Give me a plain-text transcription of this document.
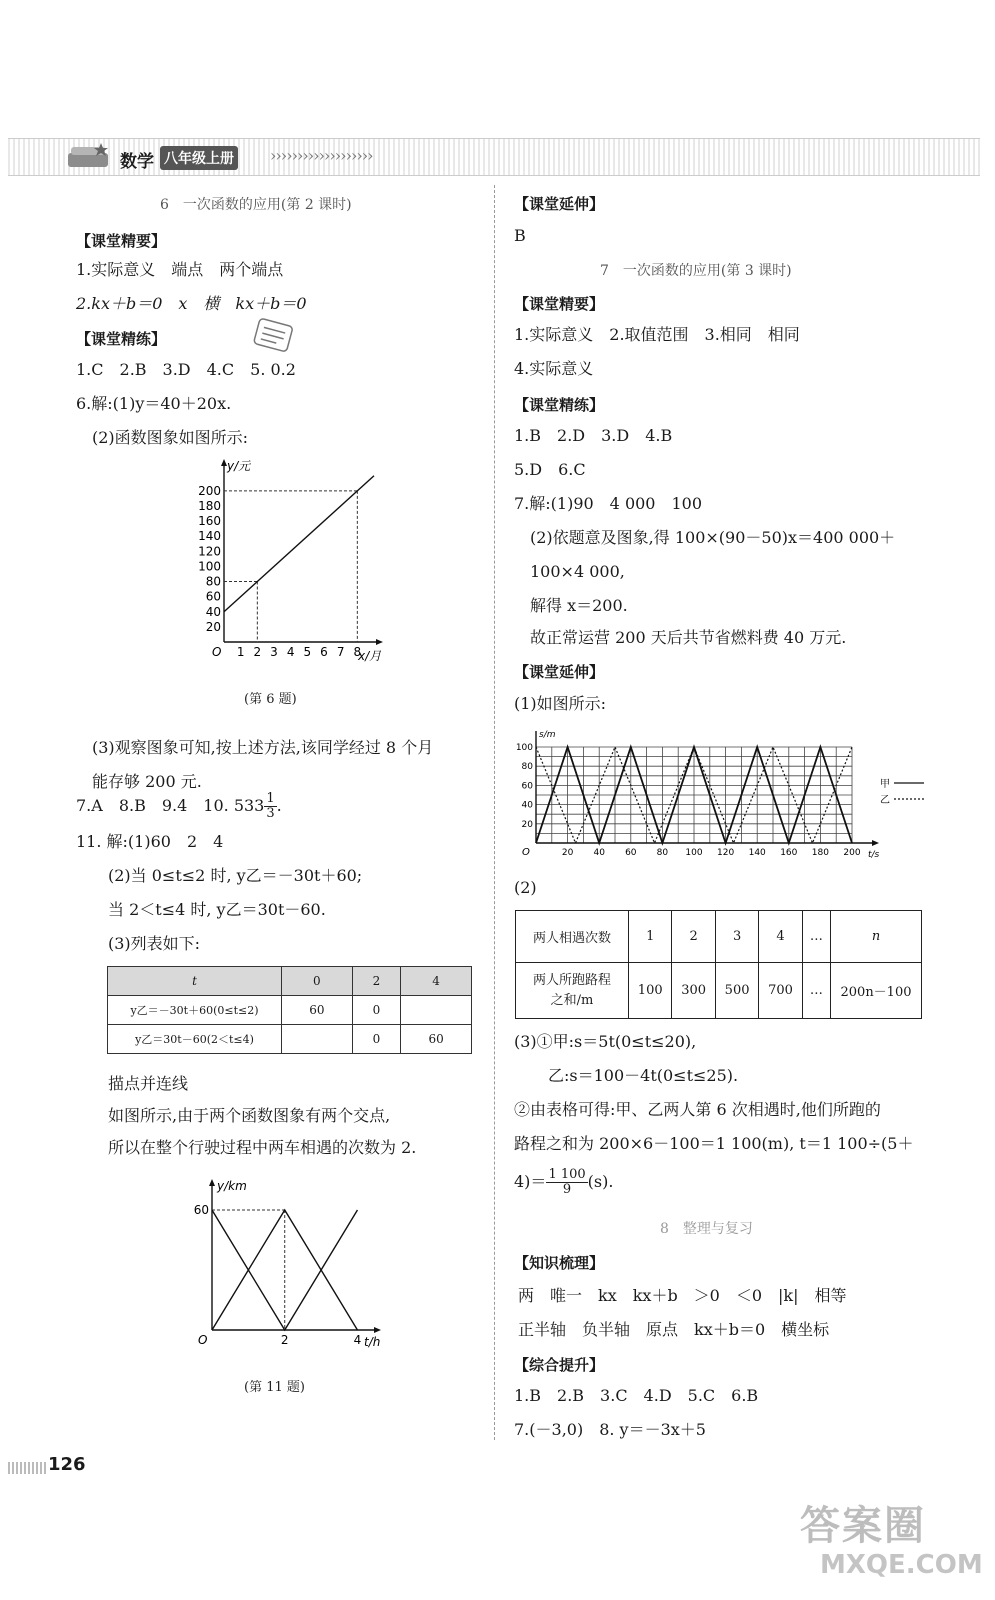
数学 八年级上册 ›››››››››››››››››››
6　一次函数的应用(第 2 课时)
【课堂精要】
1.实际意义　端点　两个端点
2.kx＋b＝0　x　横　kx＋b＝0
【课堂精练】
1.C　2.B　3.D　4.C　5. 0.2
6.解:(1)y＝40＋20x.
(2)函数图象如图所示:
y/元
x/月
O
20
40
60
80
100
120
140
160
180
200
1 2 3 4 5 6 7 8
(第 6 题)
(3)观察图象可知,按上述方法,该同学经过 8 个月
能存够 200 元.
7.A　8.B　9.4　10. $533 \frac{1}{3}$ .
11. 解:(1)60　2　4
(2)当 0≤t≤2 时, y乙＝－30t＋60;
当 2＜t≤4 时, y乙＝30t－60.
(3)列表如下:
t	0	2	4
y乙＝－30t＋60(0≤t≤2)	60	0	
y乙＝30t－60(2＜t≤4)		0	60
描点并连线
如图所示,由于两个函数图象有两个交点,
所以在整个行驶过程中两车相遇的次数为 2.
y/km
t/h
O
60
2	4
(第 11 题)
126
【课堂延伸】
B
7　一次函数的应用(第 3 课时)
【课堂精要】
1.实际意义　2.取值范围　3.相同　相同
4.实际意义
【课堂精练】
1.B　2.D　3.D　4.B
5.D　6.C
7.解:(1)90　4 000　100
(2)依题意及图象,得 100×(90－50)x＝400 000＋
100×4 000,
解得 x＝200.
故正常运营 200 天后共节省燃料费 40 万元.
【课堂延伸】
(1)如图所示:
s/m
t/s
O
20
40
60
80
100
20 40 60 80 100 120 140 160 180 200
甲
乙
(2)
两人相遇次数	1	2	3	4	…	n

两人所跑路程
之和/m	100	300	500	700	…	200n－100
(3)①甲:s＝5t(0≤t≤20),
乙:s＝100－4t(0≤t≤25).
②由表格可得:甲、乙两人第 6 次相遇时,他们所跑的
路程之和为 200×6－100＝1 100(m), t＝1 100÷(5＋
$4)= \frac{1 100}{9} (s)$.
8　整理与复习
【知识梳理】
两　唯一　kx　kx＋b　＞0　＜0　|k|　相等
正半轴　负半轴　原点　kx＋b＝0　横坐标
【综合提升】
1.B　2.B　3.C　4.D　5.C　6.B
7.(－3,0)　8. y＝－3x＋5
答案圈
MXQE.COM
